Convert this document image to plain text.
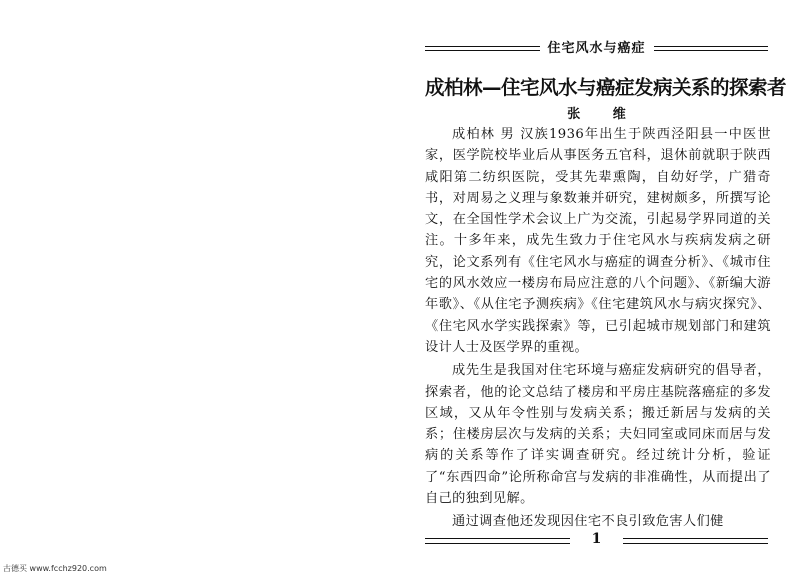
住宅风水与癌症
成柏林—住宅风水与癌症发病关系的探索者
张 维

成柏林 男 汉族1936年出生于陕西泾阳县一中医世家，医学院校毕业后从事医务五官科，退休前就职于陕西咸阳第二纺织医院，受其先辈熏陶，自幼好学，广猎奇书，对周易之义理与象数兼并研究，建树颇多，所撰写论文，在全国性学术会议上广为交流，引起易学界同道的关注。十多年来，成先生致力于住宅风水与疾病发病之研究，论文系列有《住宅风水与癌症的调查分析》、《城市住宅的风水效应一楼房布局应注意的八个问题》、《新编大游年歌》、《从住宅予测疾病》《住宅建筑风水与病灾探究》、《住宅风水学实践探索》等，已引起城市规划部门和建筑设计人士及医学界的重视。

成先生是我国对住宅环境与癌症发病研究的倡导者，探索者，他的论文总结了楼房和平房庄基院落癌症的多发区域，又从年令性别与发病关系；搬迁新居与发病的关系；住楼房层次与发病的关系；夫妇同室或同床而居与发病的关系等作了详实调查研究。经过统计分析，验证了“东西四命”论所称命宫与发病的非准确性，从而提出了自己的独到见解。

通过调查他还发现因住宅不良引致危害人们健

1
古德买 www.fcchz920.com
